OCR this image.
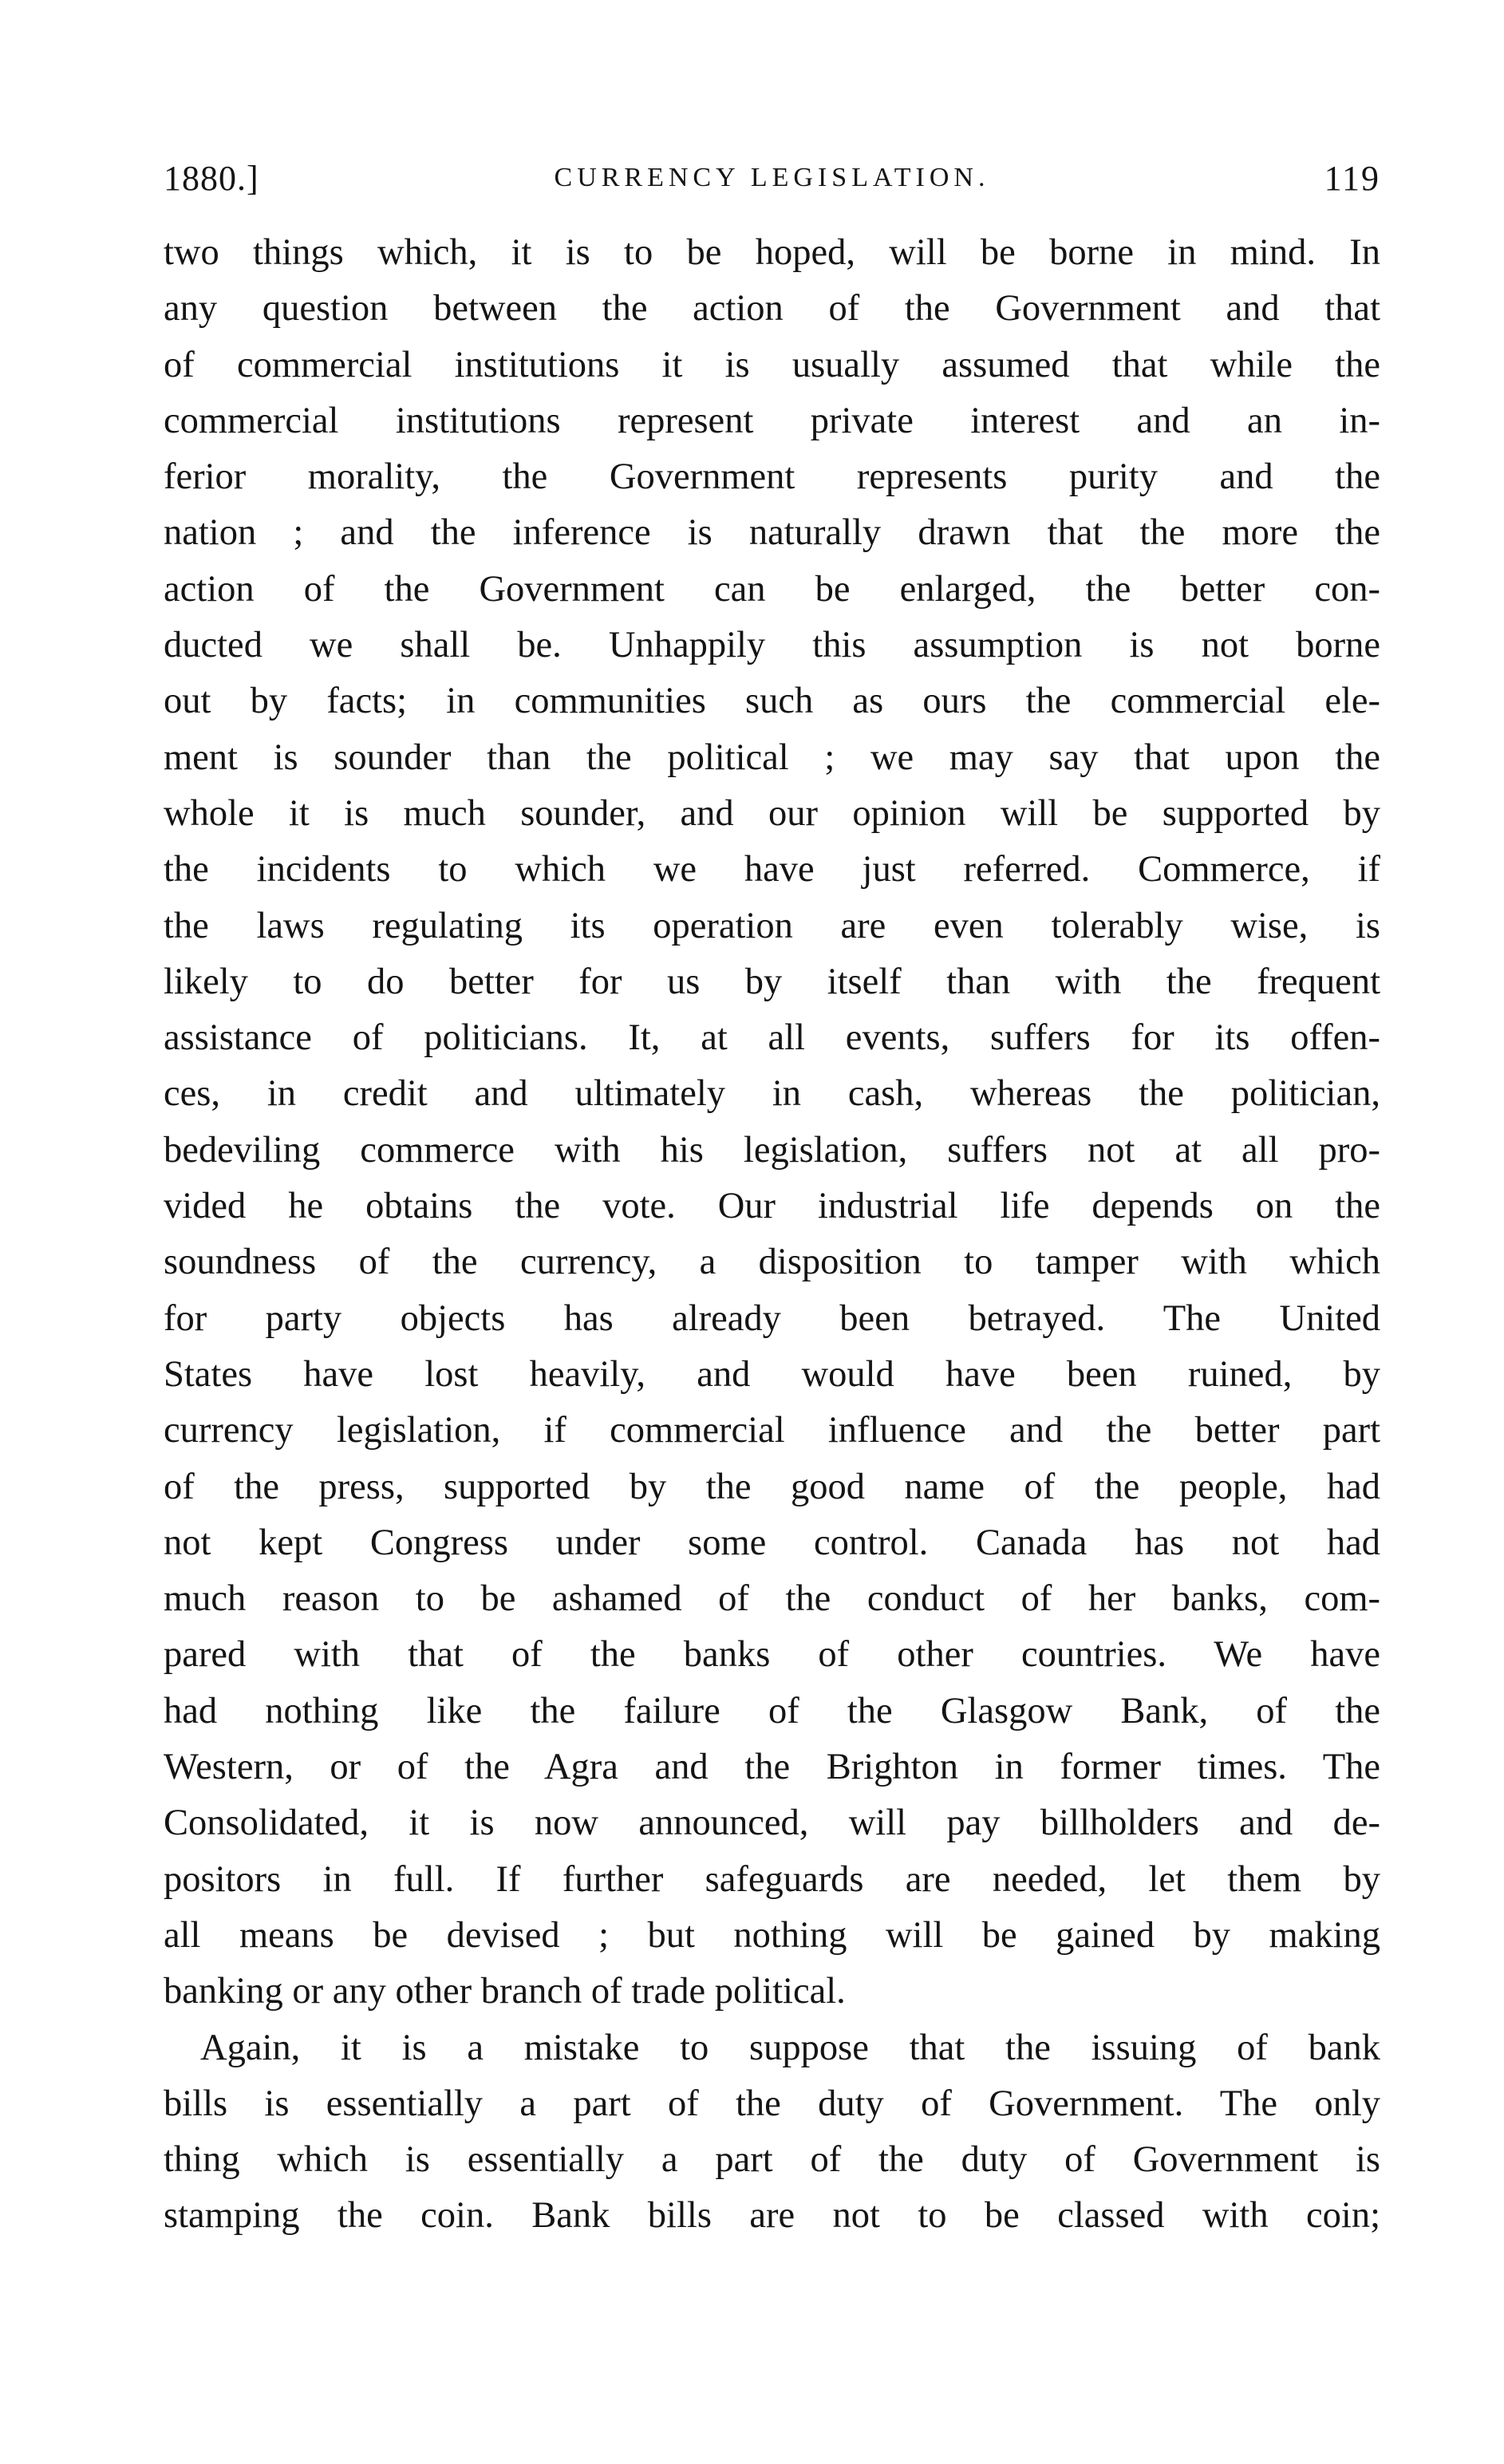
1880.]	CURRENCY LEGISLATION.	119
two things which, it is to be hoped, will be borne in mind. In
any question between the action of the Government and that
of commercial institutions it is usually assumed that while the
commercial institutions represent private interest and an in-
ferior morality, the Government represents purity and the
nation ; and the inference is naturally drawn that the more the
action of the Government can be enlarged, the better con-
ducted we shall be. Unhappily this assumption is not borne
out by facts; in communities such as ours the commercial ele-
ment is sounder than the political ; we may say that upon the
whole it is much sounder, and our opinion will be supported by
the incidents to which we have just referred. Commerce, if
the laws regulating its operation are even tolerably wise, is
likely to do better for us by itself than with the frequent
assistance of politicians. It, at all events, suffers for its offen-
ces, in credit and ultimately in cash, whereas the politician,
bedeviling commerce with his legislation, suffers not at all pro-
vided he obtains the vote. Our industrial life depends on the
soundness of the currency, a disposition to tamper with which
for party objects has already been betrayed. The United
States have lost heavily, and would have been ruined, by
currency legislation, if commercial influence and the better part
of the press, supported by the good name of the people, had
not kept Congress under some control. Canada has not had
much reason to be ashamed of the conduct of her banks, com-
pared with that of the banks of other countries. We have
had nothing like the failure of the Glasgow Bank, of the
Western, or of the Agra and the Brighton in former times. The
Consolidated, it is now announced, will pay billholders and de-
positors in full. If further safeguards are needed, let them by
all means be devised ; but nothing will be gained by making
banking or any other branch of trade political.
Again, it is a mistake to suppose that the issuing of bank
bills is essentially a part of the duty of Government. The only
thing which is essentially a part of the duty of Government is
stamping the coin. Bank bills are not to be classed with coin;
